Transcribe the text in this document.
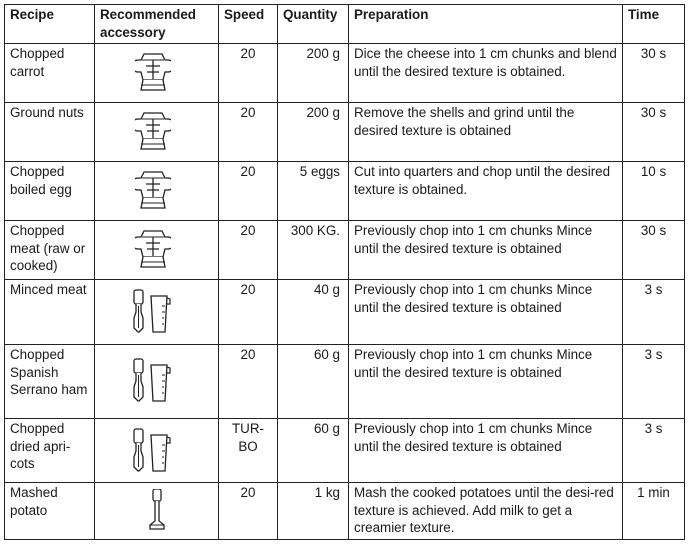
Recipe	Recommended accessory	Speed	Quantity	Preparation	Time
Chopped carrot		20	200 g	Dice the cheese into 1 cm chunks and blend until the desired texture is obtained.	30 s
Ground nuts		20	200 g	Remove the shells and grind until the desired texture is obtained	30 s
Chopped boiled egg		20	5 eggs	Cut into quarters and chop until the desired texture is obtained.	10 s
Chopped meat (raw or cooked)		20	300 KG.	Previously chop into 1 cm chunks Mince until the desired texture is obtained	30 s
Minced meat		20	40 g	Previously chop into 1 cm chunks Mince until the desired texture is obtained	3 s
Chopped Spanish Serrano ham		20	60 g	Previously chop into 1 cm chunks Mince until the desired texture is obtained	3 s
Chopped dried apri-cots		TUR-BO	60 g	Previously chop into 1 cm chunks Mince until the desired texture is obtained	3 s
Mashed potato		20	1 kg	Mash the cooked potatoes until the desi-red texture is achieved. Add milk to get a creamier texture.	1 min
